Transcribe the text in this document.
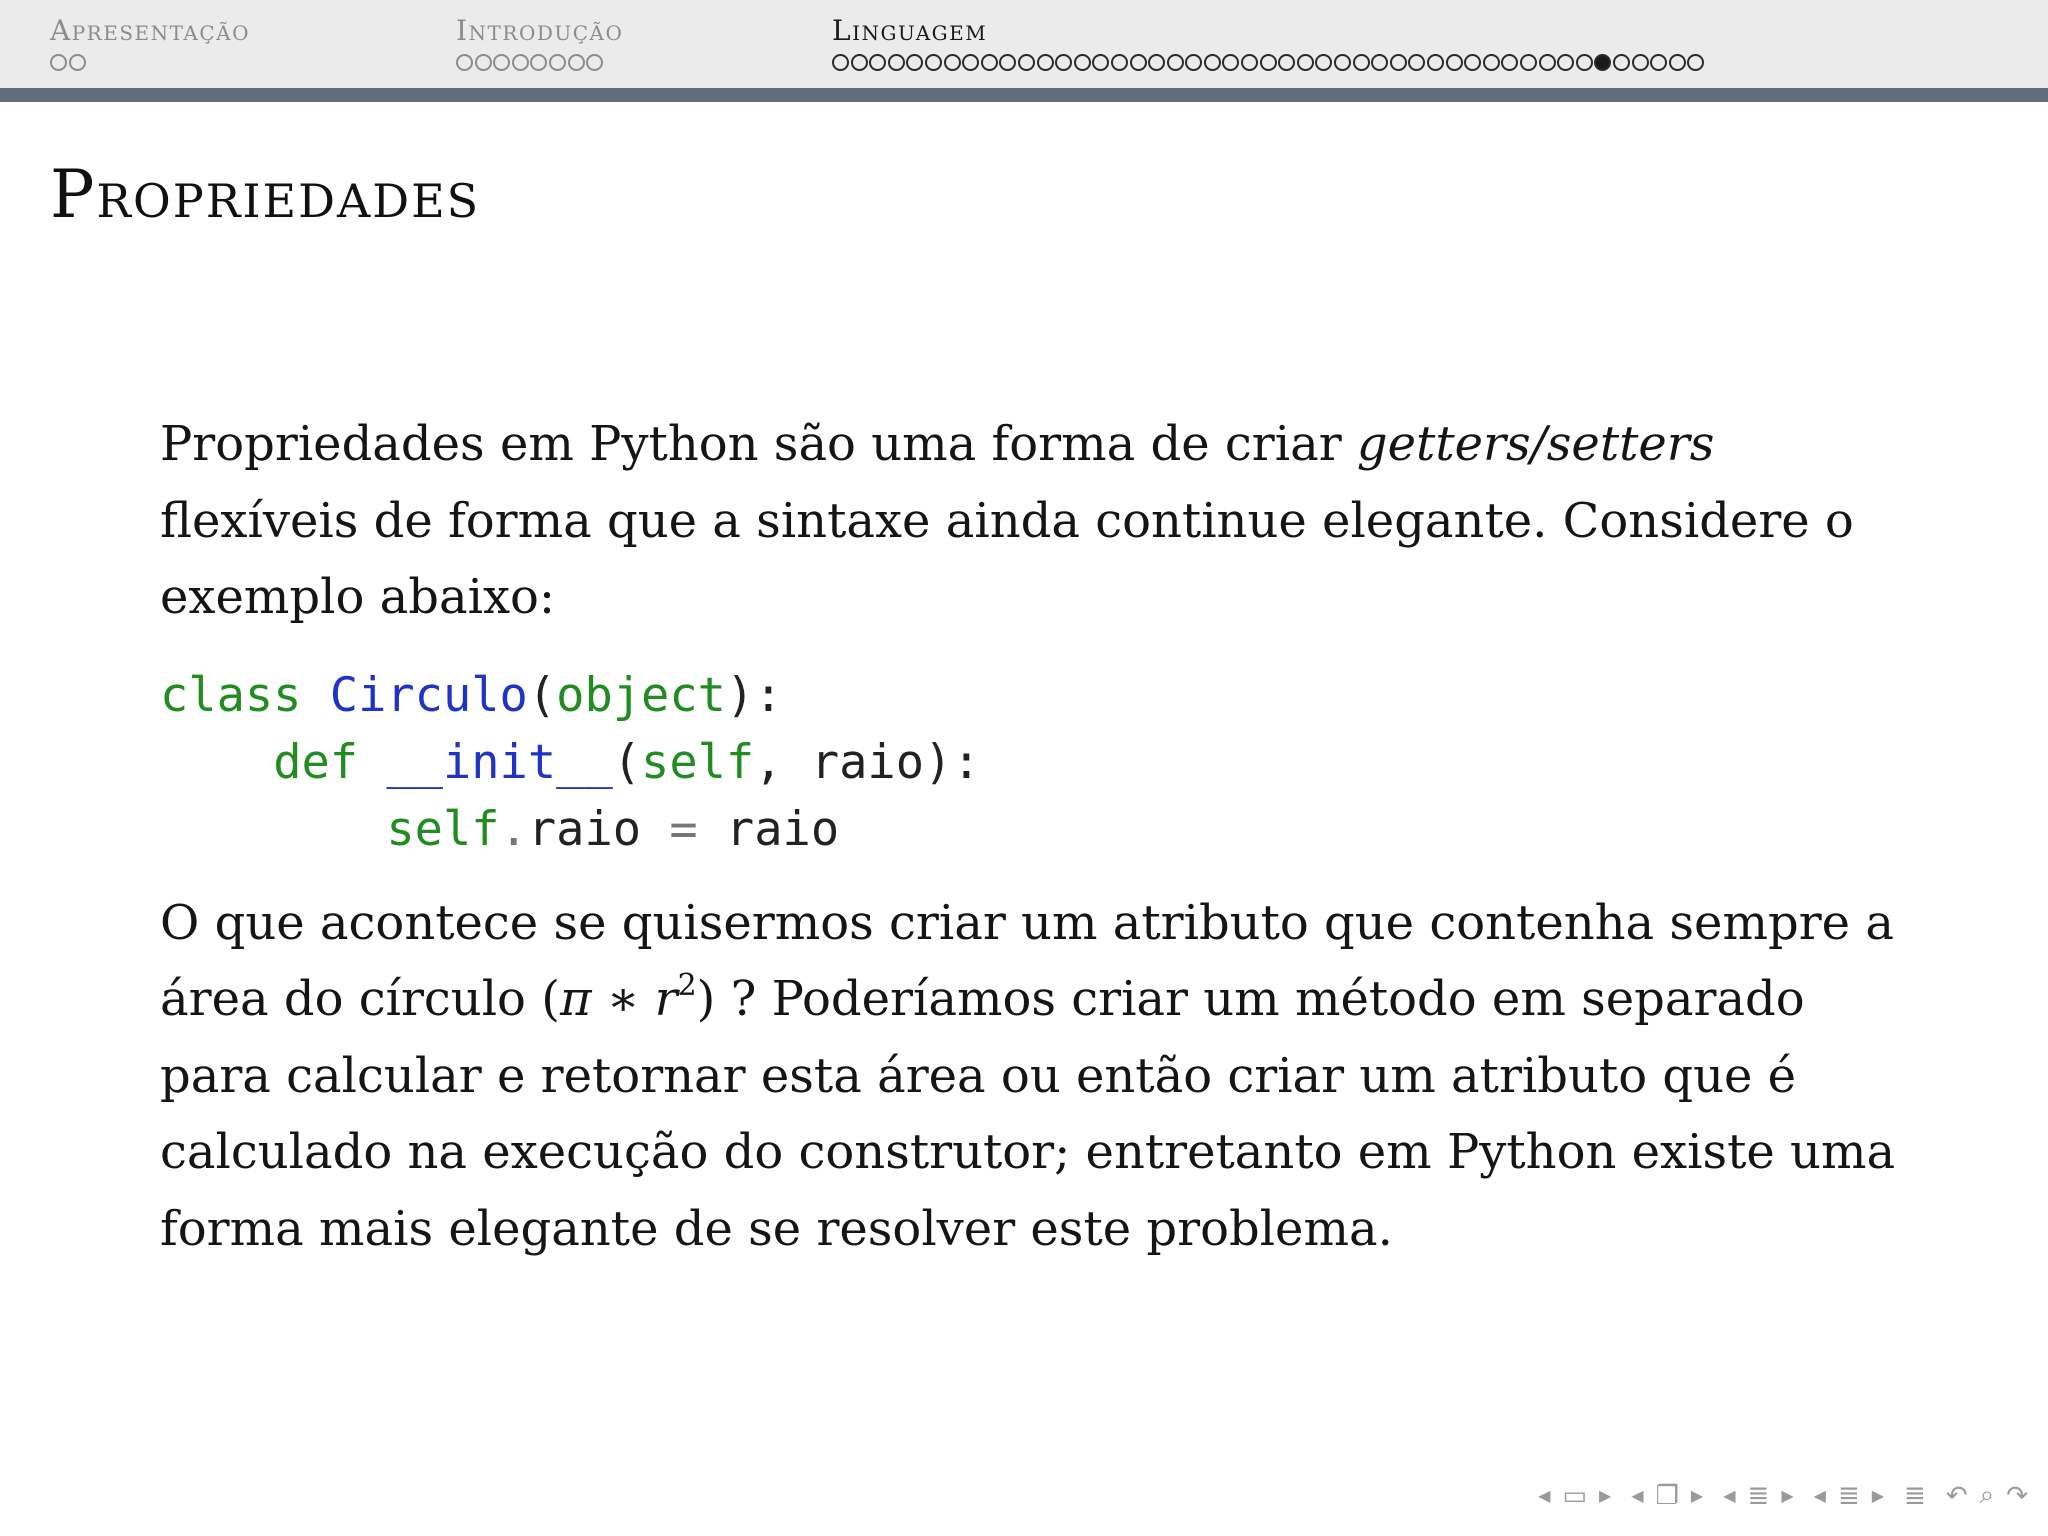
Apresentação	Introdução	Linguagem
Propriedades

Propriedades em Python são uma forma de criar getters/setters flexíveis de forma que a sintaxe ainda continue elegante. Considere o exemplo abaixo:

class Circulo(object):
def __init__(self, raio):
self.raio = raio

O que acontece se quisermos criar um atributo que contenha sempre a área do círculo (π ∗ $r^2$) ? Poderíamos criar um método em separado para calcular e retornar esta área ou então criar um atributo que é calculado na execução do construtor; entretanto em Python existe uma forma mais elegante de se resolver este problema.

◀ ▭ ▶ ◀ ❐ ▶ ◀ ≣ ▶ ◀ ≣ ▶ ≣ ↶ ⌕ ↷
